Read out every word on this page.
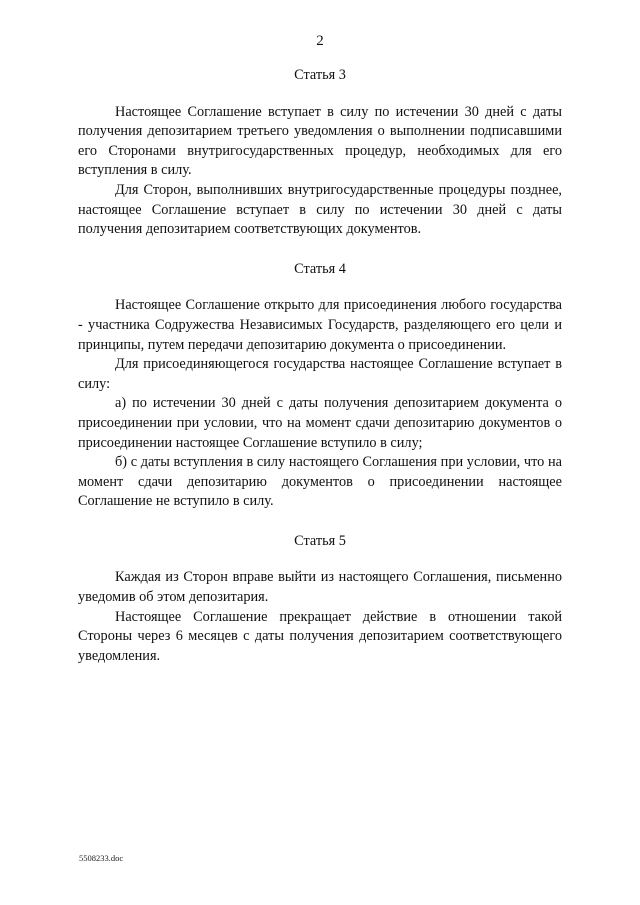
2
Статья 3

Настоящее Соглашение вступает в силу по истечении 30 дней с даты получения депозитарием третьего уведомления о выполнении подписавшими его Сторонами внутригосударственных процедур, необходимых для его вступления в силу.

Для Сторон, выполнивших внутригосударственные процедуры позднее, настоящее Соглашение вступает в силу по истечении 30 дней с даты получения депозитарием соответствующих документов.

Статья 4

Настоящее Соглашение открыто для присоединения любого государства - участника Содружества Независимых Государств, разделяющего его цели и принципы, путем передачи депозитарию документа о присоединении.

Для присоединяющегося государства настоящее Соглашение вступает в силу:

а) по истечении 30 дней с даты получения депозитарием документа о присоединении при условии, что на момент сдачи депозитарию документов о присоединении настоящее Соглашение вступило в силу;

б) с даты вступления в силу настоящего Соглашения при условии, что на момент сдачи депозитарию документов о присоединении настоящее Соглашение не вступило в силу.

Статья 5

Каждая из Сторон вправе выйти из настоящего Соглашения, письменно уведомив об этом депозитария.

Настоящее Соглашение прекращает действие в отношении такой Стороны через 6 месяцев с даты получения депозитарием соответствующего уведомления.

5508233.doc
